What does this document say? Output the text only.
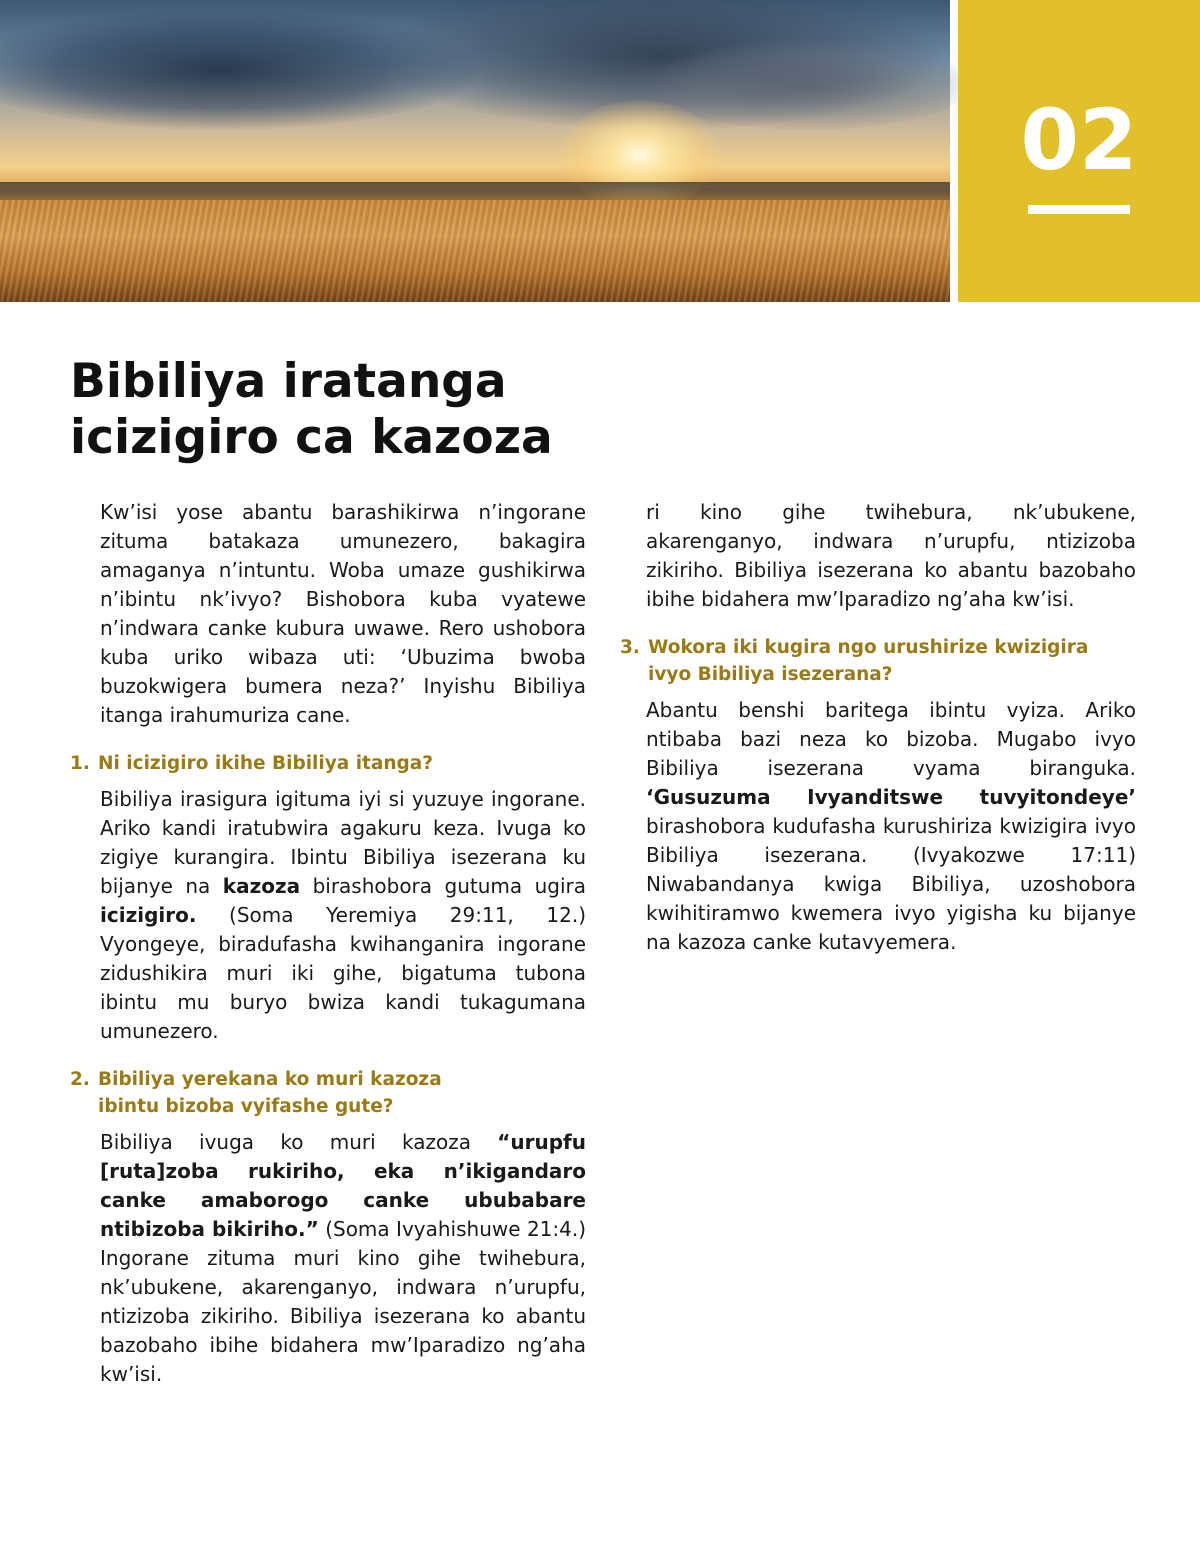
02
Bibiliya iratanga
icizigiro ca kazoza

Kw’isi yose abantu barashikirwa n’ingorane zituma batakaza umunezero, bakagira amaganya n’intuntu. Woba umaze gushikirwa n’ibintu nk’ivyo? Bishobora kuba vyatewe n’indwara canke kubura uwawe. Rero ushobora kuba uriko wibaza uti: ‘Ubuzima bwoba buzokwigera bumera neza?’ Inyishu Bibiliya itanga irahumuriza cane.

1. Ni icizigiro ikihe Bibiliya itanga?

Bibiliya irasigura igituma iyi si yuzuye ingorane. Ariko kandi iratubwira agakuru keza. Ivuga ko zigiye kurangira. Ibintu Bibiliya isezerana ku bijanye na kazoza birashobora gutuma ugira icizigiro. (Soma Yeremiya 29:11, 12.) Vyongeye, biradufasha kwihanganira ingorane zidushikira muri iki gihe, bigatuma tubona ibintu mu buryo bwiza kandi tukagumana umunezero.

2. Bibiliya yerekana ko muri kazoza
ibintu bizoba vyifashe gute?

Bibiliya ivuga ko muri kazoza “urupfu [ruta]zoba rukiriho, eka n’ikigandaro canke amaborogo canke ububabare ntibizoba bikiriho.” (Soma Ivyahishuwe 21:4.) Ingorane zituma muri kino gihe twihebura, nk’ubukene, akarenganyo, indwara n’urupfu, ntizizoba zikiriho. Bibiliya isezerana ko abantu bazobaho ibihe bidahera mw’Iparadizo ng’aha kw’isi.

ri kino gihe twihebura, nk’ubukene, akarenganyo, indwara n’urupfu, ntizizoba zikiriho. Bibiliya isezerana ko abantu bazobaho ibihe bidahera mw’Iparadizo ng’aha kw’isi.

3. Wokora iki kugira ngo urushirize kwizigira
ivyo Bibiliya isezerana?

Abantu benshi baritega ibintu vyiza. Ariko ntibaba bazi neza ko bizoba. Mugabo ivyo Bibiliya isezerana vyama biranguka. ‘Gusuzuma Ivyanditswe tuvyitondeye’ birashobora kudufasha kurushiriza kwizigira ivyo Bibiliya isezerana. (Ivyakozwe 17:11) Niwabandanya kwiga Bibiliya, uzoshobora kwihitiramwo kwemera ivyo yigisha ku bijanye na kazoza canke kutavyemera.
